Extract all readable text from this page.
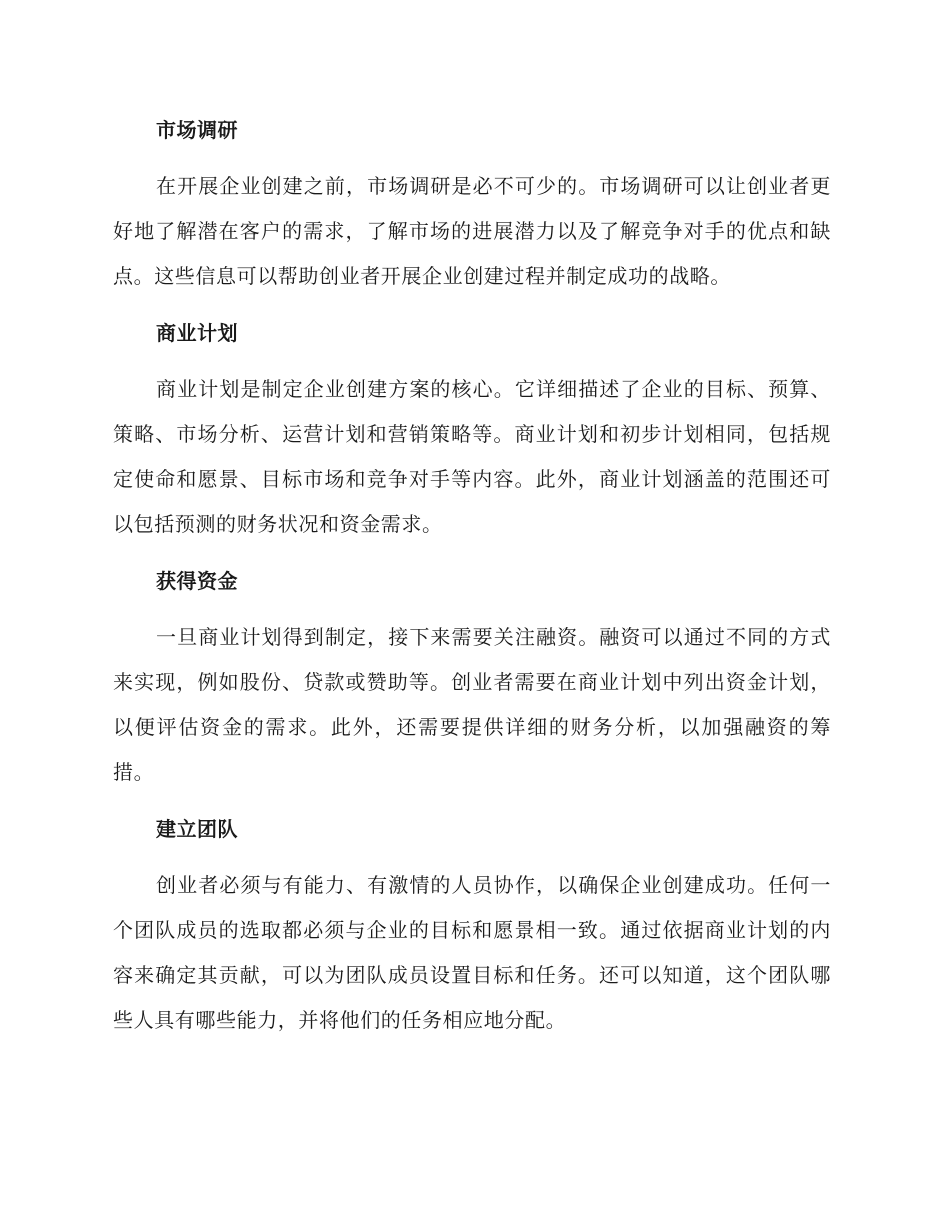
市场调研

在开展企业创建之前，市场调研是必不可少的。市场调研可以让创业者更好地了解潜在客户的需求，了解市场的进展潜力以及了解竞争对手的优点和缺点。这些信息可以帮助创业者开展企业创建过程并制定成功的战略。

商业计划

商业计划是制定企业创建方案的核心。它详细描述了企业的目标、预算、策略、市场分析、运营计划和营销策略等。商业计划和初步计划相同，包括规定使命和愿景、目标市场和竞争对手等内容。此外，商业计划涵盖的范围还可以包括预测的财务状况和资金需求。

获得资金

一旦商业计划得到制定，接下来需要关注融资。融资可以通过不同的方式来实现，例如股份、贷款或赞助等。创业者需要在商业计划中列出资金计划，以便评估资金的需求。此外，还需要提供详细的财务分析，以加强融资的筹措。

建立团队

创业者必须与有能力、有激情的人员协作，以确保企业创建成功。任何一个团队成员的选取都必须与企业的目标和愿景相一致。通过依据商业计划的内容来确定其贡献，可以为团队成员设置目标和任务。还可以知道，这个团队哪些人具有哪些能力，并将他们的任务相应地分配。
